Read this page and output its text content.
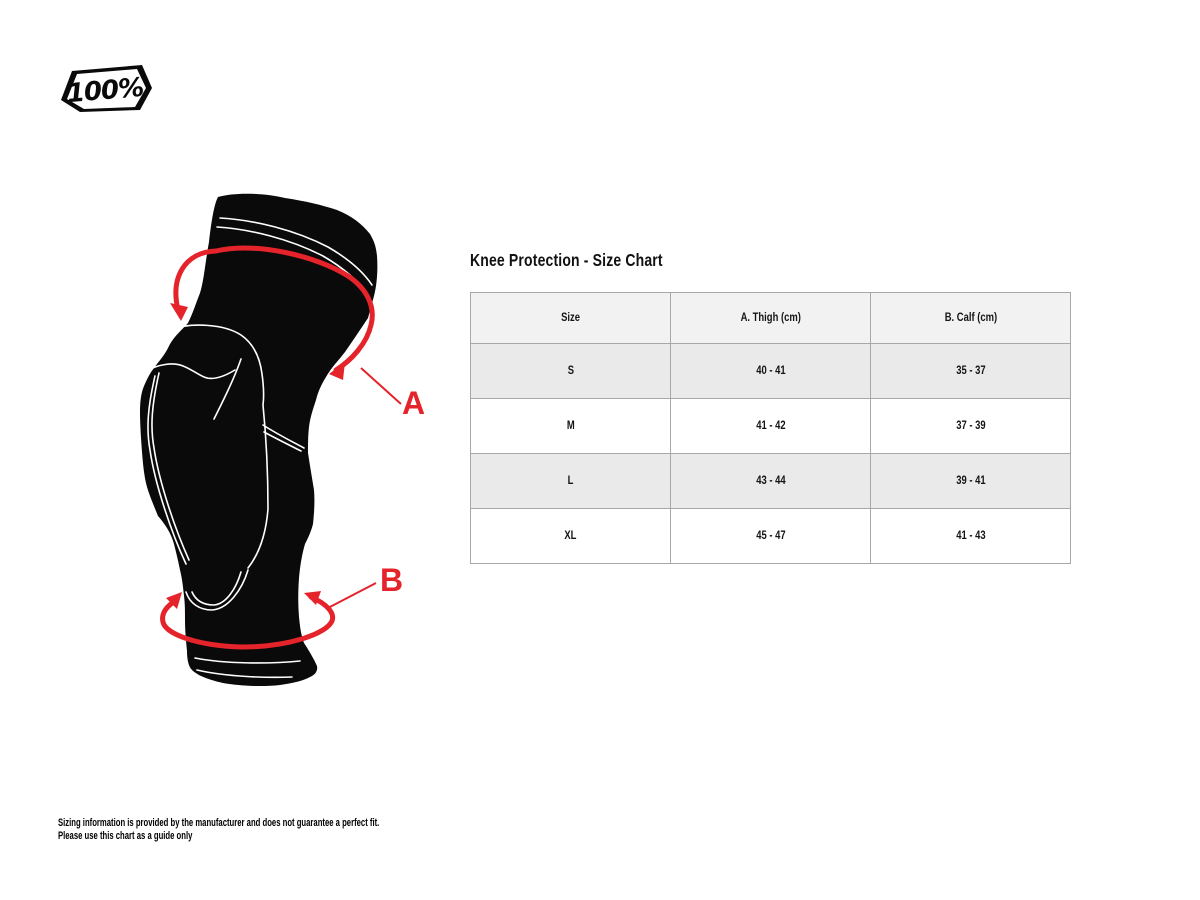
100%
A
B
Knee Protection - Size Chart
Size	A. Thigh (cm)	B. Calf (cm)
S	40 - 41	35 - 37
M	41 - 42	37 - 39
L	43 - 44	39 - 41
XL	45 - 47	41 - 43
Sizing information is provided by the manufacturer and does not guarantee a perfect fit.
Please use this chart as a guide only
